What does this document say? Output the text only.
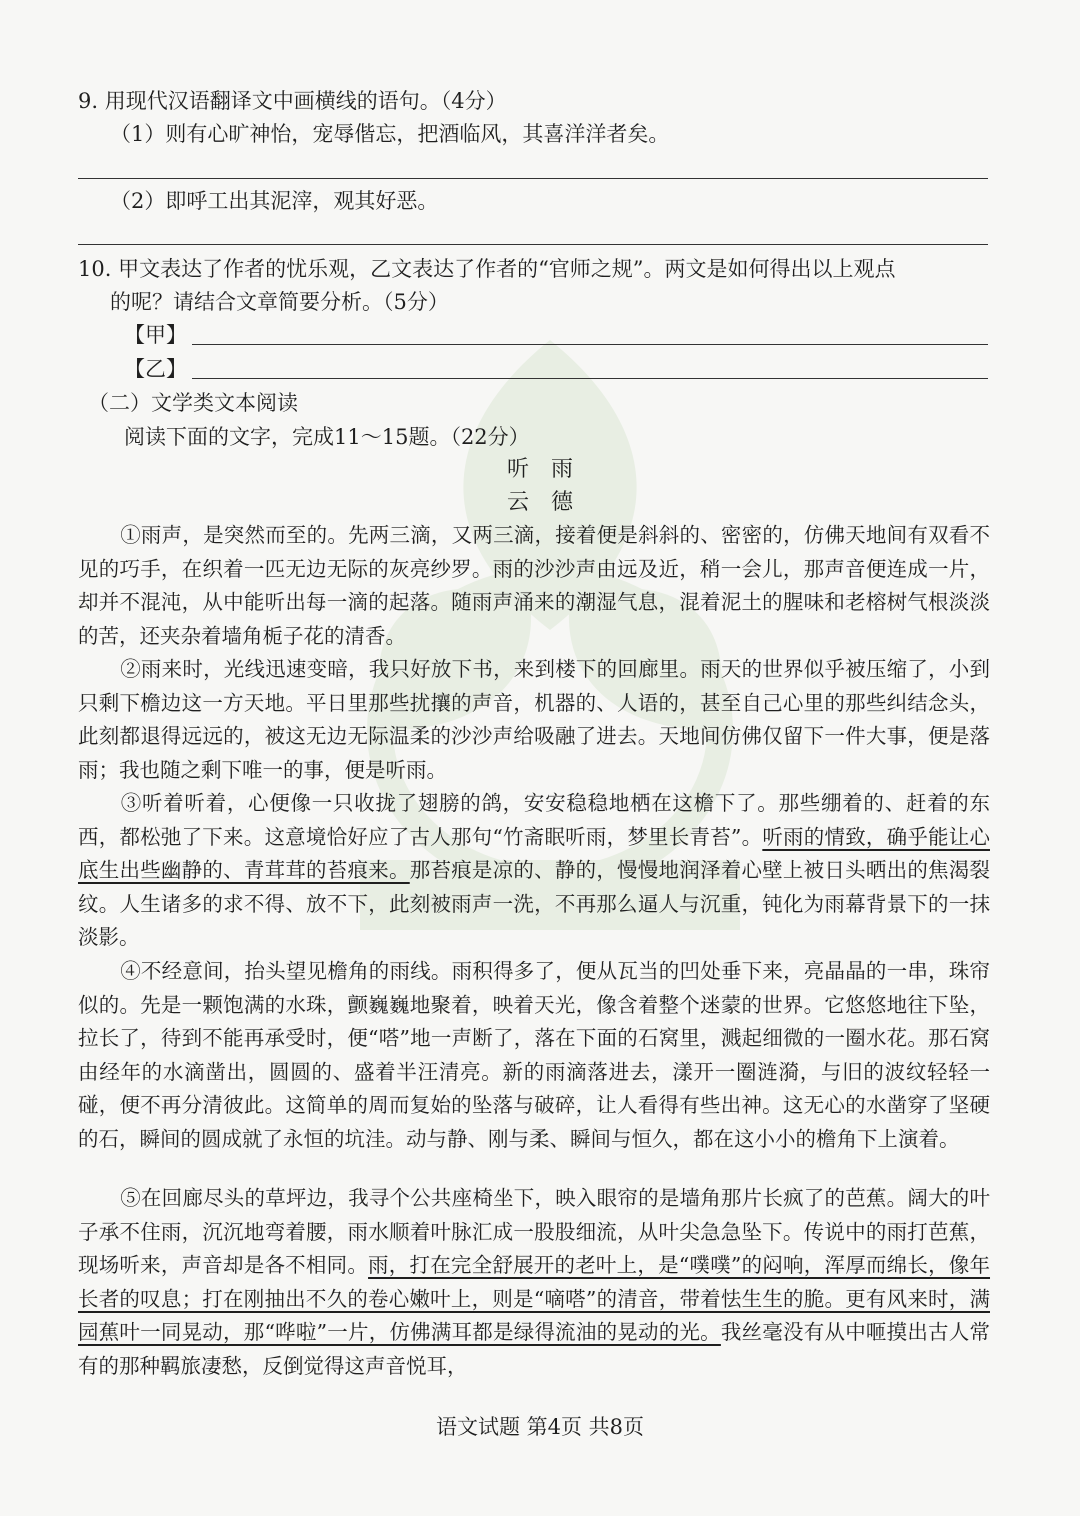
9. 用现代汉语翻译文中画横线的语句。（4分）
（1）则有心旷神怡，宠辱偕忘，把酒临风，其喜洋洋者矣。
（2）即呼工出其泥滓，观其好恶。
10. 甲文表达了作者的忧乐观，乙文表达了作者的“官师之规”。两文是如何得出以上观点
的呢？请结合文章简要分析。（5分）
【甲】
【乙】
（二）文学类文本阅读
阅读下面的文字，完成11～15题。（22分）
听　雨
云　德
①雨声，是突然而至的。先两三滴，又两三滴，接着便是斜斜的、密密的，仿佛天地间有双看不见的巧手，在织着一匹无边无际的灰亮纱罗。雨的沙沙声由远及近，稍一会儿，那声音便连成一片，却并不混沌，从中能听出每一滴的起落。随雨声涌来的潮湿气息，混着泥土的腥味和老榕树气根淡淡的苦，还夹杂着墙角栀子花的清香。
②雨来时，光线迅速变暗，我只好放下书，来到楼下的回廊里。雨天的世界似乎被压缩了，小到只剩下檐边这一方天地。平日里那些扰攘的声音，机器的、人语的，甚至自己心里的那些纠结念头，此刻都退得远远的，被这无边无际温柔的沙沙声给吸融了进去。天地间仿佛仅留下一件大事，便是落雨；我也随之剩下唯一的事，便是听雨。
③听着听着，心便像一只收拢了翅膀的鸽，安安稳稳地栖在这檐下了。那些绷着的、赶着的东西，都松弛了下来。这意境恰好应了古人那句“竹斋眠听雨，梦里长青苔”。听雨的情致，确乎能让心底生出些幽静的、青茸茸的苔痕来。那苔痕是凉的、静的，慢慢地润泽着心壁上被日头晒出的焦渴裂纹。人生诸多的求不得、放不下，此刻被雨声一洗，不再那么逼人与沉重，钝化为雨幕背景下的一抹淡影。
④不经意间，抬头望见檐角的雨线。雨积得多了，便从瓦当的凹处垂下来，亮晶晶的一串，珠帘似的。先是一颗饱满的水珠，颤巍巍地聚着，映着天光，像含着整个迷蒙的世界。它悠悠地往下坠，拉长了，待到不能再承受时，便“嗒”地一声断了，落在下面的石窝里，溅起细微的一圈水花。那石窝由经年的水滴凿出，圆圆的、盛着半汪清亮。新的雨滴落进去，漾开一圈涟漪，与旧的波纹轻轻一碰，便不再分清彼此。这简单的周而复始的坠落与破碎，让人看得有些出神。这无心的水凿穿了坚硬的石，瞬间的圆成就了永恒的坑洼。动与静、刚与柔、瞬间与恒久，都在这小小的檐角下上演着。
⑤在回廊尽头的草坪边，我寻个公共座椅坐下，映入眼帘的是墙角那片长疯了的芭蕉。阔大的叶子承不住雨，沉沉地弯着腰，雨水顺着叶脉汇成一股股细流，从叶尖急急坠下。传说中的雨打芭蕉，现场听来，声音却是各不相同。雨，打在完全舒展开的老叶上，是“噗噗”的闷响，浑厚而绵长，像年长者的叹息；打在刚抽出不久的卷心嫩叶上，则是“嘀嗒”的清音，带着怯生生的脆。更有风来时，满园蕉叶一同晃动，那“哗啦”一片，仿佛满耳都是绿得流油的晃动的光。我丝毫没有从中咂摸出古人常有的那种羁旅凄愁，反倒觉得这声音悦耳，
语文试题 第4页 共8页
